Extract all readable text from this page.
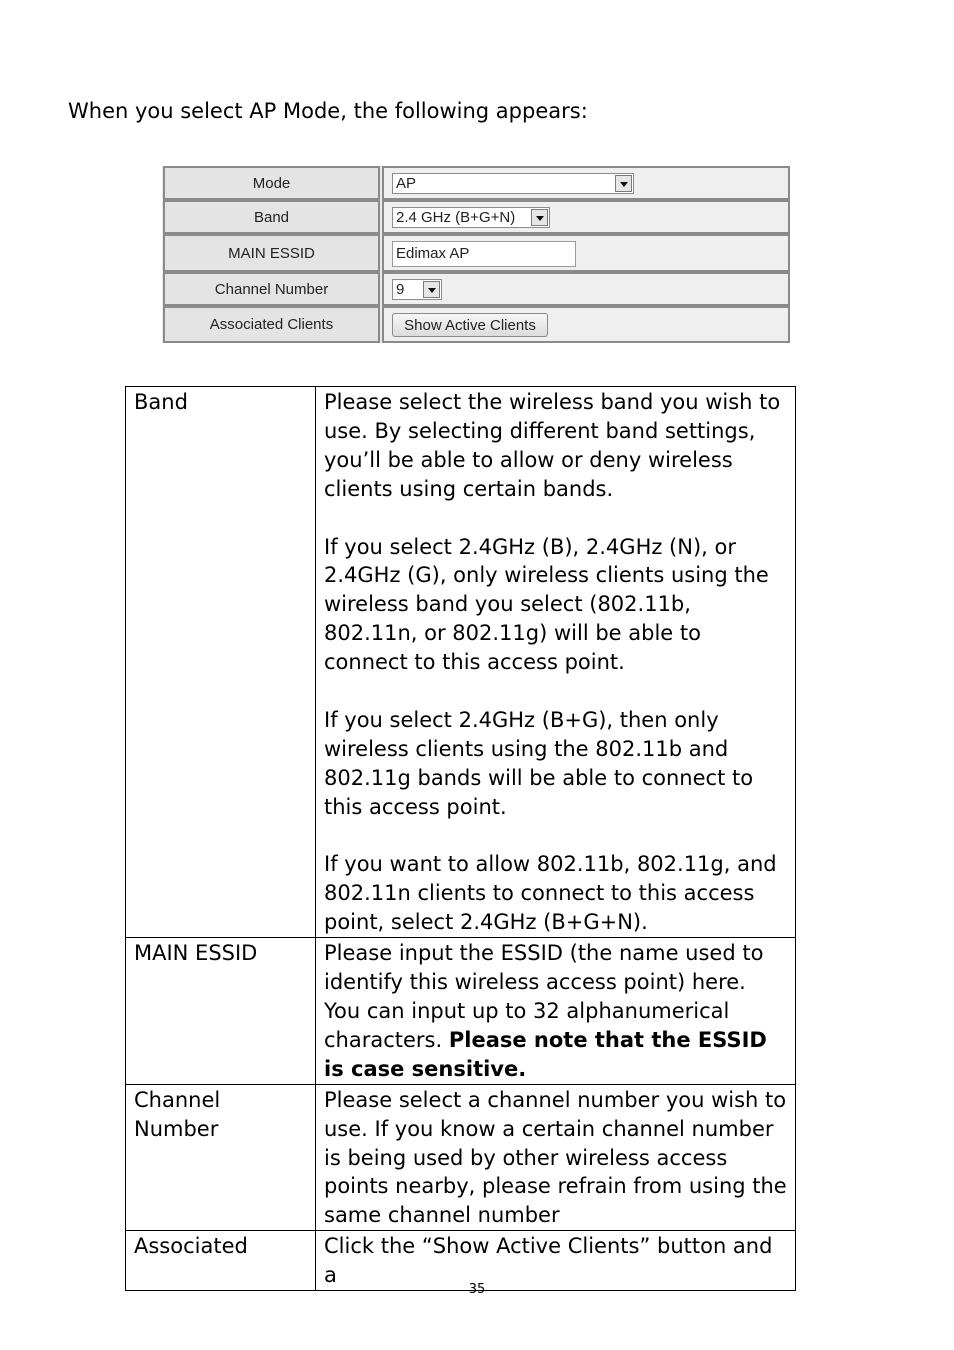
When you select AP Mode, the following appears:
Mode	AP
Band	2.4 GHz (B+G+N)
MAIN ESSID	Edimax AP
Channel Number	9
Associated Clients	Show Active Clients
Band	Please select the wireless band you wish to use. By selecting different band settings, you’ll be able to allow or deny wireless clients using certain bands.

If you select 2.4GHz (B), 2.4GHz (N), or 2.4GHz (G), only wireless clients using the wireless band you select (802.11b, 802.11n, or 802.11g) will be able to connect to this access point.

If you select 2.4GHz (B+G), then only wireless clients using the 802.11b and 802.11g bands will be able to connect to this access point.

If you want to allow 802.11b, 802.11g, and 802.11n clients to connect to this access point, select 2.4GHz (B+G+N).

MAIN ESSID	Please input the ESSID (the name used to identify this wireless access point) here. You can input up to 32 alphanumerical characters. Please note that the ESSID is case sensitive.
Channel Number	Please select a channel number you wish to use. If you know a certain channel number is being used by other wireless access points nearby, please refrain from using the same channel number
Associated	Click the “Show Active Clients” button and a
35
